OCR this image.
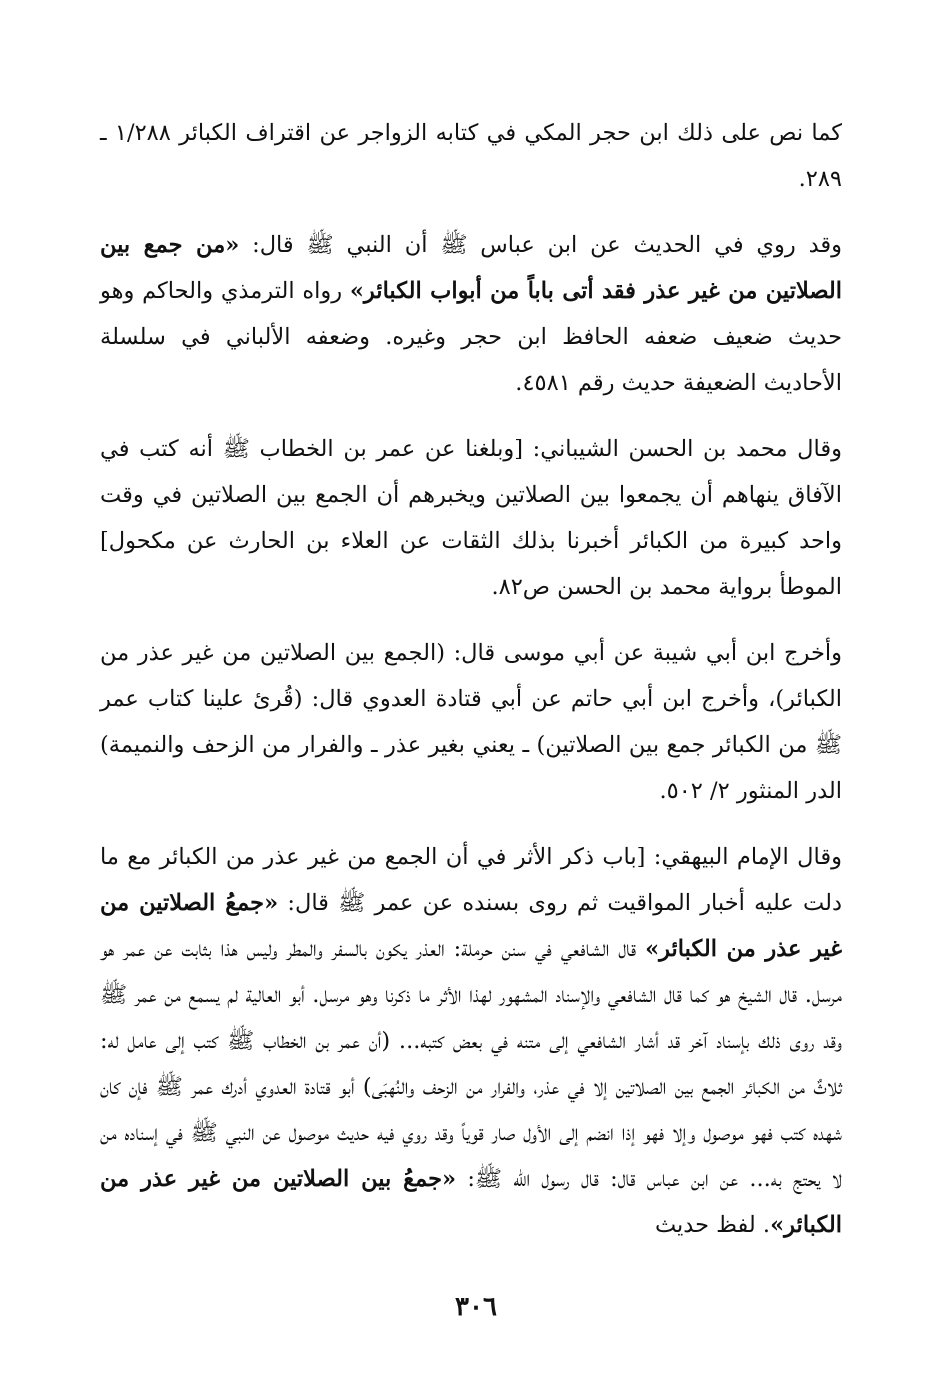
كما نص على ذلك ابن حجر المكي في كتابه الزواجر عن اقتراف الكبائر ١/٢٨٨ ـ ٢٨٩.

وقد روي في الحديث عن ابن عباس ﷺ أن النبي ﷺ قال: «من جمع بين الصلاتين من غير عذر فقد أتى باباً من أبواب الكبائر» رواه الترمذي والحاكم وهو حديث ضعيف ضعفه الحافظ ابن حجر وغيره. وضعفه الألباني في سلسلة الأحاديث الضعيفة حديث رقم ٤٥٨١.

وقال محمد بن الحسن الشيباني: [وبلغنا عن عمر بن الخطاب ﷺ أنه كتب في الآفاق ينهاهم أن يجمعوا بين الصلاتين ويخبرهم أن الجمع بين الصلاتين في وقت واحد كبيرة من الكبائر أخبرنا بذلك الثقات عن العلاء بن الحارث عن مكحول] الموطأ برواية محمد بن الحسن ص٨٢.

وأخرج ابن أبي شيبة عن أبي موسى قال: (الجمع بين الصلاتين من غير عذر من الكبائر)، وأخرج ابن أبي حاتم عن أبي قتادة العدوي قال: (قُرئ علينا كتاب عمر ﷺ من الكبائر جمع بين الصلاتين) ـ يعني بغير عذر ـ والفرار من الزحف والنميمة) الدر المنثور ٢/ ٥٠٢.

وقال الإمام البيهقي: [باب ذكر الأثر في أن الجمع من غير عذر من الكبائر مع ما دلت عليه أخبار المواقيت ثم روى بسنده عن عمر ﷺ قال: «جمعُ الصلاتين من غير عذر من الكبائر» قال الشافعي في سنن حرملة: العذر يكون بالسفر والمطر وليس هذا بثابت عن عمر هو مرسل. قال الشيخ هو كما قال الشافعي والإسناد المشهور لهذا الأثر ما ذكرنا وهو مرسل. أبو العالية لم يسمع من عمر ﷺ وقد روى ذلك بإسناد آخر قد أشار الشافعي إلى متنه في بعض كتبه... (أن عمر بن الخطاب ﷺ كتب إلى عامل له: ثلاثٌ من الكبائر الجمع بين الصلاتين إلا في عذر، والفرار من الزحف والنُهبَى) أبو قتادة العدوي أدرك عمر ﷺ فإن كان شهده كتب فهو موصول وإلا فهو إذا انضم إلى الأول صار قوياً وقد روي فيه حديث موصول عن النبي ﷺ في إسناده من لا يحتج به... عن ابن عباس قال: قال رسول الله ﷺ: «جمعُ بين الصلاتين من غير عذر من الكبائر». لفظ حديث

٣٠٦
